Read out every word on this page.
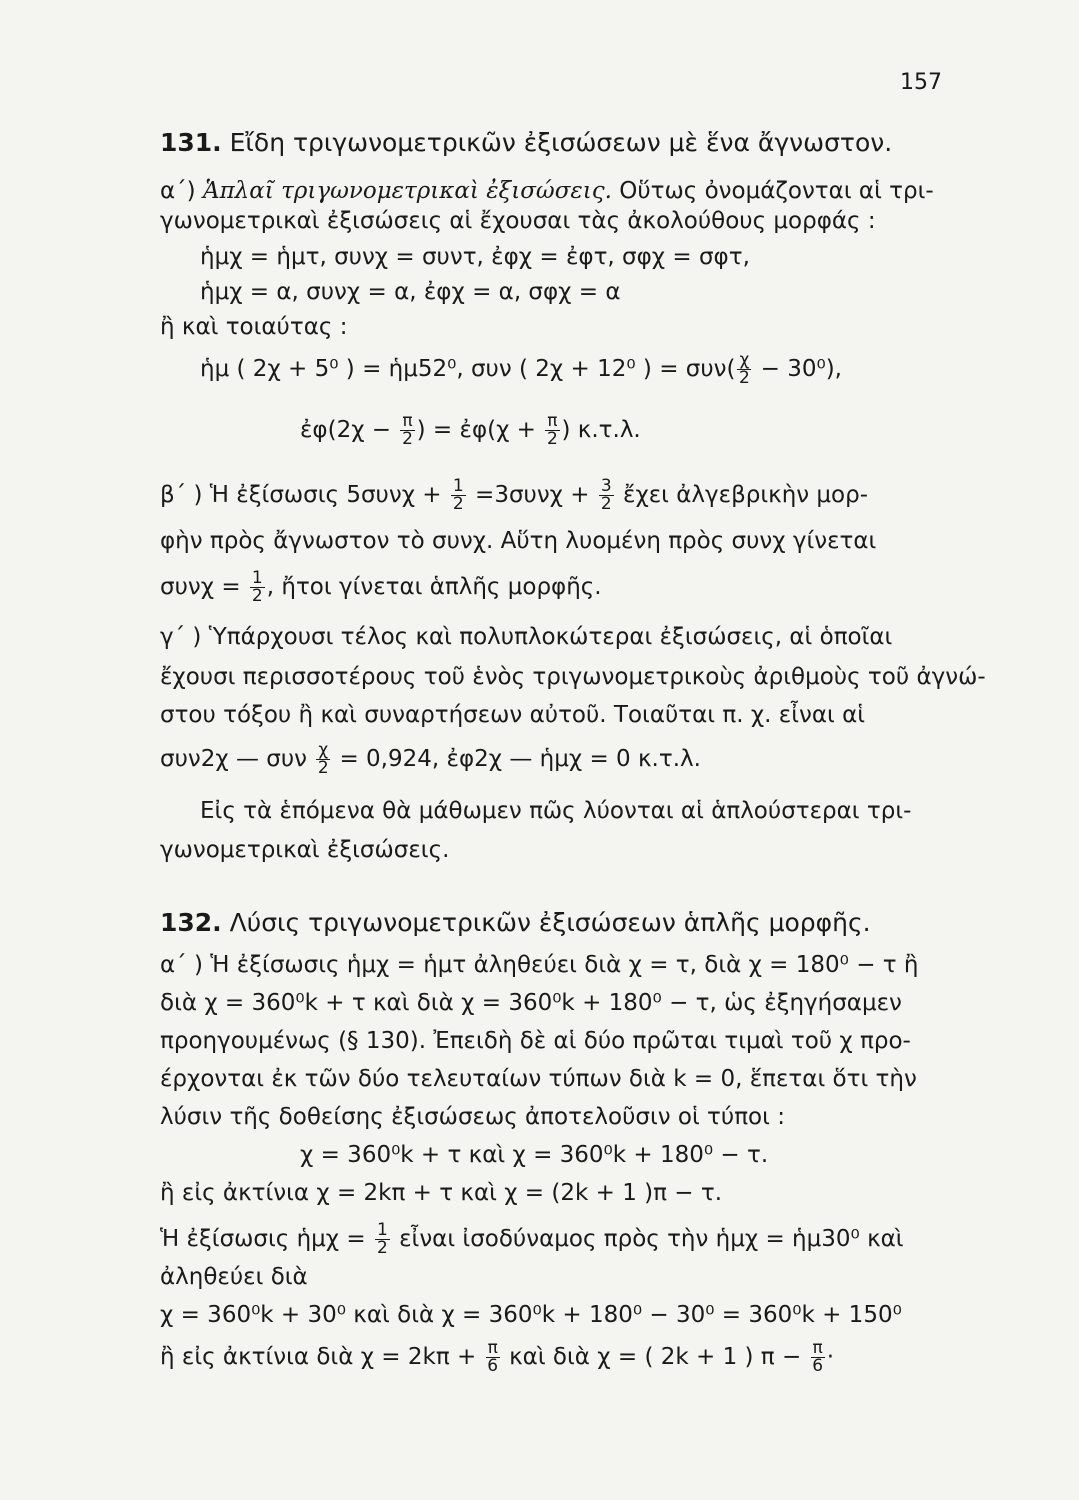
157
131. Εἴδη τριγωνομετρικῶν ἐξισώσεων μὲ ἕνα ἄγνωστον.
α΄) Ἁπλαῖ τριγωνομετρικαὶ ἐξισώσεις. Οὕτως ὀνομάζονται αἱ τρι-
γωνομετρικαὶ ἐξισώσεις αἱ ἔχουσαι τὰς ἀκολούθους μορφάς :
ἡμχ = ἡμτ, συνχ = συντ, ἐφχ = ἐφτ, σφχ = σφτ,
ἡμχ = α, συνχ = α, ἐφχ = α, σφχ = α
ἢ καὶ τοιαύτας :
ἡμ ( 2χ + 5⁰ ) = ἡμ52⁰, συν ( 2χ + 12⁰ ) = $\sigma\upsilon\nu( \frac{\chi}{2} - 30^0)$,
ἐφ(2χ − $\frac{\pi}{2}$ ) = ἐφ(χ + $\frac{\pi}{2}$ ) κ.τ.λ.
β΄ ) Ἡ ἐξίσωσις $5\sigma\upsilon\nu\chi + \frac{1}{2} =3\sigma\upsilon\nu\chi + \frac{3}{2}$ ἔχει ἀλγεβρικὴν μορ-
φὴν πρὸς ἄγνωστον τὸ συνχ. Αὕτη λυομένη πρὸς συνχ γίνεται
$\sigma\upsilon\nu\chi = \frac{1}{2}$ , ἤτοι γίνεται ἁπλῆς μορφῆς.
γ΄ ) Ὑπάρχουσι τέλος καὶ πολυπλοκώτεραι ἐξισώσεις, αἱ ὁποῖαι
ἔχουσι περισσοτέρους τοῦ ἑνὸς τριγωνομετρικοὺς ἀριθμοὺς τοῦ ἀγνώ-
στου τόξου ἢ καὶ συναρτήσεων αὐτοῦ. Τοιαῦται π. χ. εἶναι αἱ
συν2χ — συν $\frac{\chi}{2} = 0,924$, ἐφ2χ — ἡμχ = 0 κ.τ.λ.
Εἰς τὰ ἑπόμενα θὰ μάθωμεν πῶς λύονται αἱ ἁπλούστεραι τρι-
γωνομετρικαὶ ἐξισώσεις.
132. Λύσις τριγωνομετρικῶν ἐξισώσεων ἁπλῆς μορφῆς.
α΄ ) Ἡ ἐξίσωσις ἡμχ = ἡμτ ἀληθεύει διὰ χ = τ, διὰ χ = 180⁰ − τ ἢ
διὰ χ = 360⁰k + τ καὶ διὰ χ = 360⁰k + 180⁰ − τ, ὡς ἐξηγήσαμεν
προηγουμένως (§ 130). Ἐπειδὴ δὲ αἱ δύο πρῶται τιμαὶ τοῦ χ προ-
έρχονται ἐκ τῶν δύο τελευταίων τύπων διὰ k = 0, ἕπεται ὅτι τὴν
λύσιν τῆς δοθείσης ἐξισώσεως ἀποτελοῦσιν οἱ τύποι :
χ = 360⁰k + τ καὶ χ = 360⁰k + 180⁰ − τ.
ἢ εἰς ἀκτίνια χ = 2kπ + τ καὶ χ = (2k + 1 )π − τ.
Ἡ ἐξίσωσις ἡμχ = $\frac{1}{2}$ εἶναι ἰσοδύναμος πρὸς τὴν ἡμχ = ἡμ30⁰ καὶ
ἀληθεύει διὰ
χ = 360⁰k + 30⁰ καὶ διὰ χ = 360⁰k + 180⁰ − 30⁰ = 360⁰k + 150⁰
ἢ εἰς ἀκτίνια διὰ $\chi = 2k\pi + \frac{\pi}{6}$ καὶ διὰ χ = ( 2k + 1 ) $\pi - \frac{\pi}{6}$ ·
